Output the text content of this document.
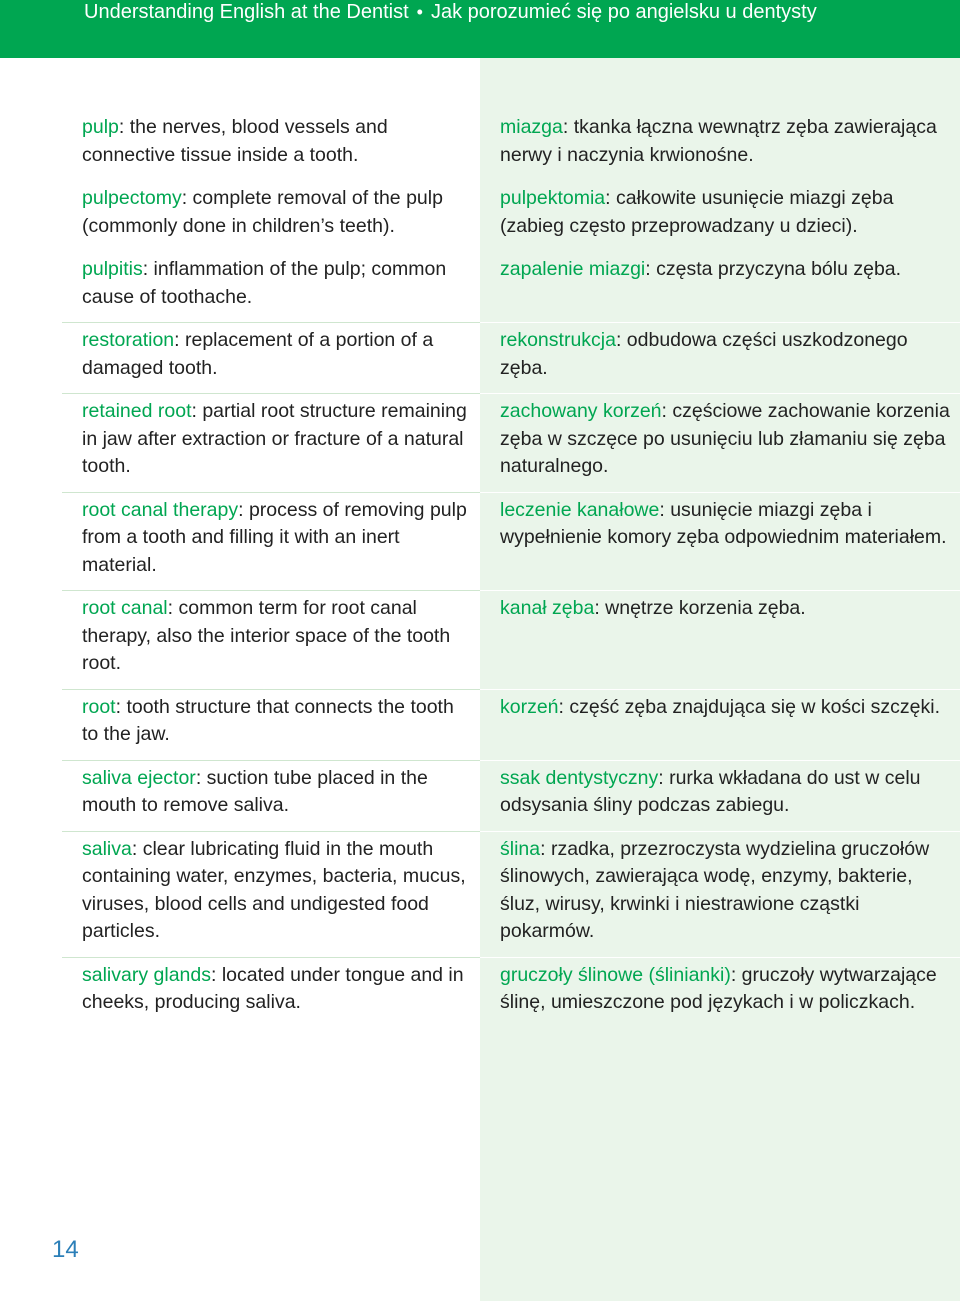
Understanding English at the Dentist • Jak porozumieć się po angielsku u dentysty
pulp: the nerves, blood vessels and connective tissue inside a tooth.
miazga: tkanka łączna wewnątrz zęba zawierająca nerwy i naczynia krwionośne.
pulpectomy: complete removal of the pulp (commonly done in children’s teeth).
pulpektomia: całkowite usunięcie miazgi zęba (zabieg często przeprowadzany u dzieci).
pulpitis: inflammation of the pulp; common cause of toothache.
zapalenie miazgi: częsta przyczyna bólu zęba.
restoration: replacement of a portion of a damaged tooth.
rekonstrukcja: odbudowa części uszkodzonego zęba.
retained root: partial root structure remaining in jaw after extraction or fracture of a natural tooth.
zachowany korzeń: częściowe zachowanie korzenia zęba w szczęce po usunięciu lub złamaniu się zęba naturalnego.
root canal therapy: process of removing pulp from a tooth and filling it with an inert material.
leczenie kanałowe: usunięcie miazgi zęba i wypełnienie komory zęba odpowiednim materiałem.
root canal: common term for root canal therapy, also the interior space of the tooth root.
kanał zęba: wnętrze korzenia zęba.
root: tooth structure that connects the tooth to the jaw.
korzeń: część zęba znajdująca się w kości szczęki.
saliva ejector: suction tube placed in the mouth to remove saliva.
ssak dentystyczny: rurka wkładana do ust w celu odsysania śliny podczas zabiegu.
saliva: clear lubricating fluid in the mouth containing water, enzymes, bacteria, mucus, viruses, blood cells and undigested food particles.
ślina: rzadka, przezroczysta wydzielina gruczołów ślinowych, zawierająca wodę, enzymy, bakterie, śluz, wirusy, krwinki i niestrawione cząstki pokarmów.
salivary glands: located under tongue and in cheeks, producing saliva.
gruczoły ślinowe (ślinianki): gruczoły wytwarzające ślinę, umieszczone pod językach i w policzkach.
14
